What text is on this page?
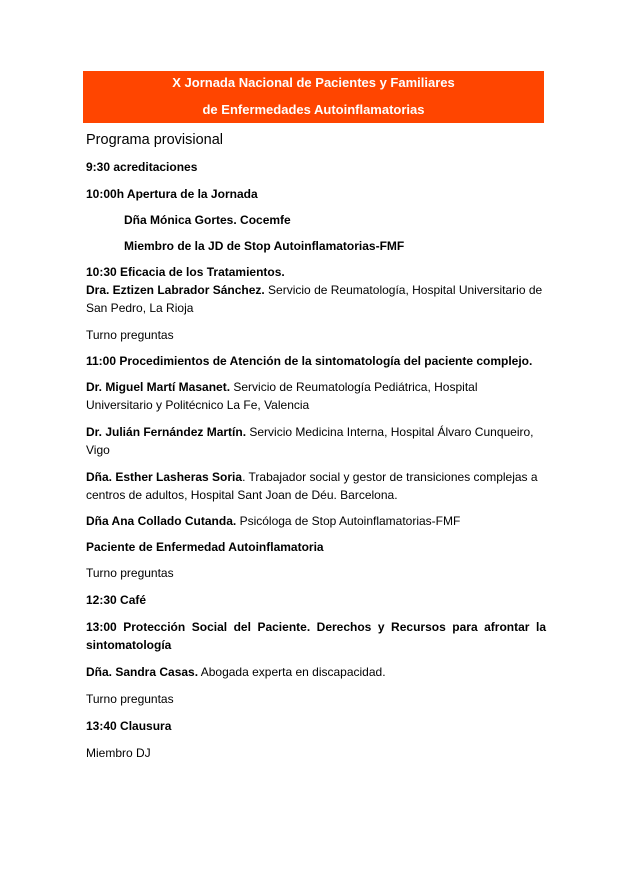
X Jornada Nacional de Pacientes y Familiares
de Enfermedades Autoinflamatorias

Programa provisional

9:30 acreditaciones

10:00h Apertura de la Jornada

Dña Mónica Gortes. Cocemfe

Miembro de la JD de Stop Autoinflamatorias-FMF

10:30 Eficacia de los Tratamientos.

Dra. Eztizen Labrador Sánchez. Servicio de Reumatología, Hospital Universitario de San Pedro, La Rioja

Turno preguntas

11:00 Procedimientos de Atención de la sintomatología del paciente complejo.

Dr. Miguel Martí Masanet. Servicio de Reumatología Pediátrica, Hospital Universitario y Politécnico La Fe, Valencia

Dr. Julián Fernández Martín. Servicio Medicina Interna, Hospital Álvaro Cunqueiro, Vigo

Dña. Esther Lasheras Soria. Trabajador social y gestor de transiciones complejas a centros de adultos, Hospital Sant Joan de Déu. Barcelona.

Dña Ana Collado Cutanda. Psicóloga de Stop Autoinflamatorias-FMF

Paciente de Enfermedad Autoinflamatoria

Turno preguntas

12:30 Café

13:00 Protección Social del Paciente. Derechos y Recursos para afrontar la sintomatología

Dña. Sandra Casas. Abogada experta en discapacidad.

Turno preguntas

13:40 Clausura

Miembro DJ
